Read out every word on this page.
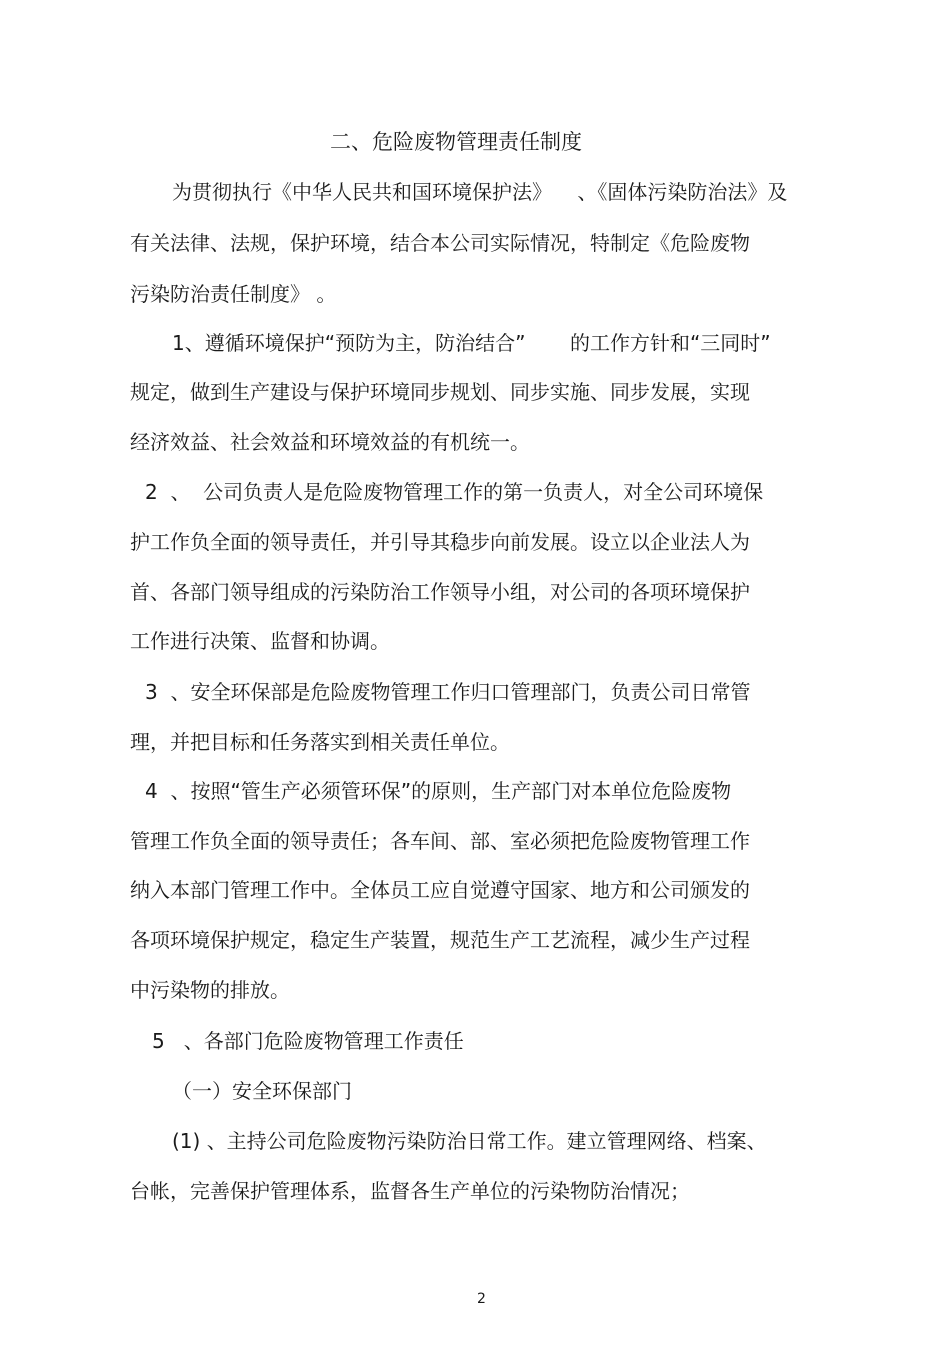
二、危险废物管理责任制度
为贯彻执行《中华人民共和国环境保护法》    、《固体污染防治法》及
有关法律、法规，保护环境，结合本公司实际情况，特制定《危险废物
污染防治责任制度》 。
1、遵循环境保护“预防为主，防治结合”       的工作方针和“三同时”
规定，做到生产建设与保护环境同步规划、同步实施、同步发展，实现
经济效益、社会效益和环境效益的有机统一。
2  、  公司负责人是危险废物管理工作的第一负责人，对全公司环境保
护工作负全面的领导责任，并引导其稳步向前发展。设立以企业法人为
首、各部门领导组成的污染防治工作领导小组，对公司的各项环境保护
工作进行决策、监督和协调。
3  、安全环保部是危险废物管理工作归口管理部门，负责公司日常管
理，并把目标和任务落实到相关责任单位。
4  、按照“管生产必须管环保”的原则，生产部门对本单位危险废物
管理工作负全面的领导责任；各车间、部、室必须把危险废物管理工作
纳入本部门管理工作中。全体员工应自觉遵守国家、地方和公司颁发的
各项环境保护规定，稳定生产装置，规范生产工艺流程，减少生产过程
中污染物的排放。
5   、各部门危险废物管理工作责任
（一）安全环保部门
(1) 、主持公司危险废物污染防治日常工作。建立管理网络、档案、
台帐，完善保护管理体系，监督各生产单位的污染物防治情况；
2
